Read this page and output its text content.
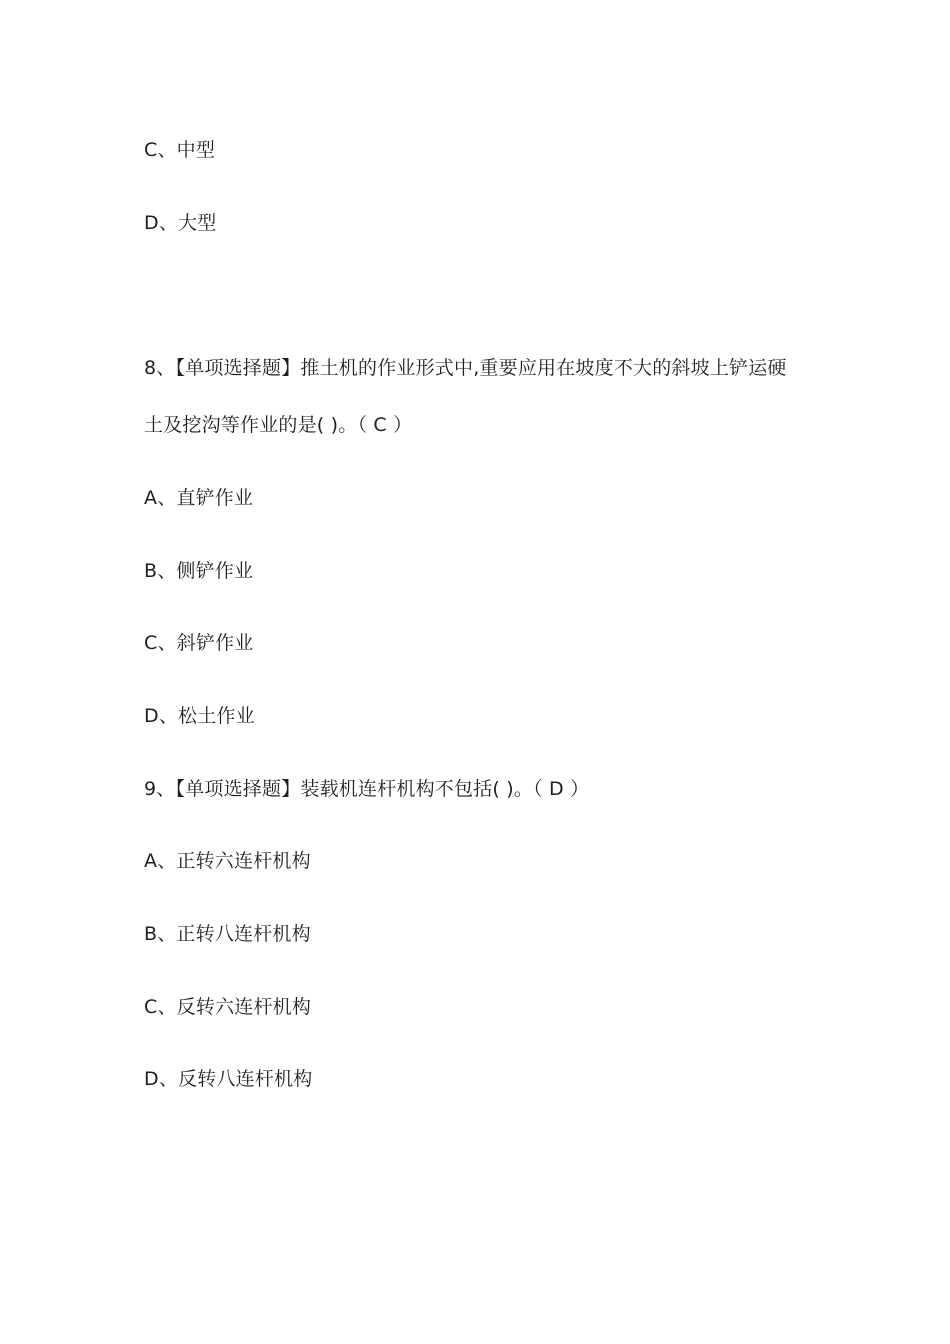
C、中型
D、大型
8、【单项选择题】推土机的作业形式中,重要应用在坡度不大的斜坡上铲运硬
土及挖沟等作业的是( )。（ C ）
A、直铲作业
B、侧铲作业
C、斜铲作业
D、松土作业
9、【单项选择题】装载机连杆机构不包括( )。（ D ）
A、正转六连杆机构
B、正转八连杆机构
C、反转六连杆机构
D、反转八连杆机构
